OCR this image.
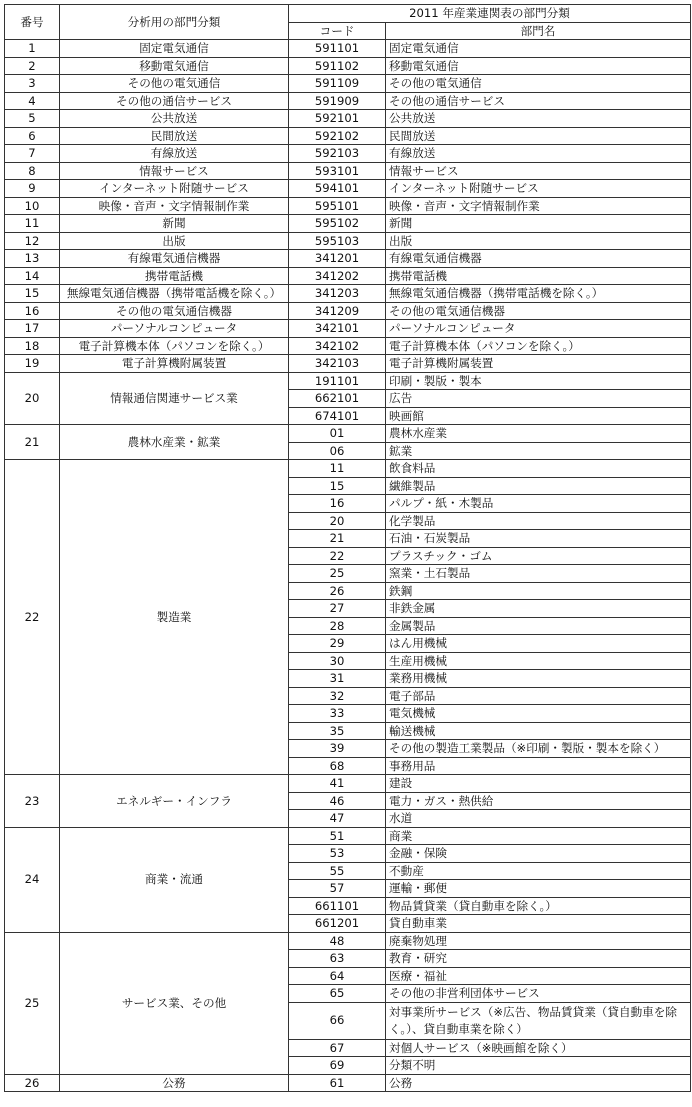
番号	分析用の部門分類	2011 年産業連関表の部門分類	
		コード	部門名
1	固定電気通信	591101	固定電気通信
2	移動電気通信	591102	移動電気通信
3	その他の電気通信	591109	その他の電気通信
4	その他の通信サービス	591909	その他の通信サービス
5	公共放送	592101	公共放送
6	民間放送	592102	民間放送
7	有線放送	592103	有線放送
8	情報サービス	593101	情報サービス
9	インターネット附随サービス	594101	インターネット附随サービス
10	映像・音声・文字情報制作業	595101	映像・音声・文字情報制作業
11	新聞	595102	新聞
12	出版	595103	出版
13	有線電気通信機器	341201	有線電気通信機器
14	携帯電話機	341202	携帯電話機
15	無線電気通信機器（携帯電話機を除く。）	341203	無線電気通信機器（携帯電話機を除く。）
16	その他の電気通信機器	341209	その他の電気通信機器
17	パーソナルコンピュータ	342101	パーソナルコンピュータ
18	電子計算機本体（パソコンを除く。）	342102	電子計算機本体（パソコンを除く。）
19	電子計算機附属装置	342103	電子計算機附属装置
20	情報通信関連サービス業	191101	印刷・製版・製本
		662101	広告
		674101	映画館
21	農林水産業・鉱業	01	農林水産業
		06	鉱業
22	製造業	11	飲食料品
		15	繊維製品
		16	パルプ・紙・木製品
		20	化学製品
		21	石油・石炭製品
		22	プラスチック・ゴム
		25	窯業・土石製品
		26	鉄鋼
		27	非鉄金属
		28	金属製品
		29	はん用機械
		30	生産用機械
		31	業務用機械
		32	電子部品
		33	電気機械
		35	輸送機械
		39	その他の製造工業製品（※印刷・製版・製本を除く）
		68	事務用品
23	エネルギー・インフラ	41	建設
		46	電力・ガス・熱供給
		47	水道
24	商業・流通	51	商業
		53	金融・保険
		55	不動産
		57	運輸・郵便
		661101	物品賃貸業（貸自動車を除く。）
		661201	貸自動車業
25	サービス業、その他	48	廃棄物処理
		63	教育・研究
		64	医療・福祉
		65	その他の非営利団体サービス
		66	対事業所サービス（※広告、物品賃貸業（貸自動車を除く。）、貸自動車業を除く）
		67	対個人サービス（※映画館を除く）
		69	分類不明
26	公務	61	公務
